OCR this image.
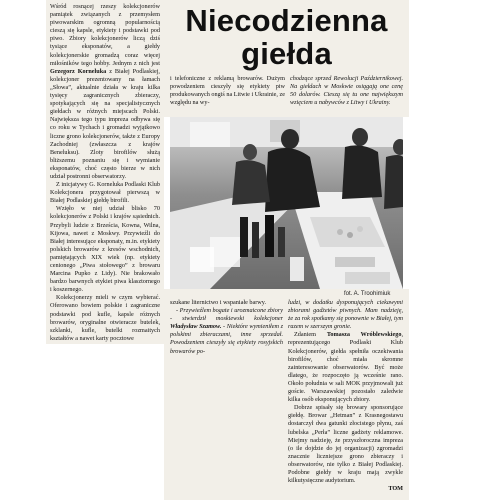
Wśród rosnącej rzeszy kolekcjonerów pamiątek związanych z przemysłem piwowarskim ogromną popularnością cieszą się kapsle, etykiety i podstawki pod piwo. Zbiory kolekcjonerów liczą dziś tysiące eksponatów, a giełdy kolekcjonerskie gromadzą coraz więcej miłośników tego hobby. Jednym z nich jest Grzegorz Korneluka z Białej Podlaskiej, kolekcjoner prezentowany na łamach „Słowa”, aktualnie działa w kraju kilka tysięcy zagranicznych zbieraczy, spotykających się na specjalistycznych giełdach w różnych miejscach Polski. Największa tego typu impreza odbywa się co roku w Tychach i gromadzi wyjątkowo liczne grono kolekcjonerów, także z Europy Zachodniej (zwłaszcza z krajów Beneluksu). Zloty birofilów służą bliższemu poznaniu się i wymianie eksponatów, choć często bierze w nich udział postronni obserwatorzy.

Z inicjatywy G. Korneluka Podlaski Klub Kolekcjonera przygotował pierwszą w Białej Podlaskiej giełdę birofili.

Wzięło w niej udział blisko 70 kolekcjonerów z Polski i krajów sąsiednich. Przybyli ludzie z Brześcia, Kowna, Wilna, Kijowa, nawet z Moskwy. Przywieźli do Białej interesujące eksponaty, m.in. etykiety polskich browarów z kresów wschodnich, pamiętających XIX wiek (np. etykiety cenionego „Piwa stołowego” z browaru Marcina Pupko z Lidy). Nie brakowało bardzo barwnych etykiet piwa klasztornego i koszernego.

Kolekcjonerzy mieli w czym wybierać. Oferowano bowiem polskie i zagraniczne podstawki pod kufle, kapsle różnych browarów, oryginalne otwieracze butelek, szklanki, kufle, butelki rozmaitych kształtów a nawet karty pocztowe

Niecodzienna
giełda

i telefoniczne z reklamą browarów. Dużym powodzeniem cieszyły się etykiety piw produkowanych ongiś na Litwie i Ukrainie, ze względu na wy-

chodzące sprzed Rewolucji Październikowej. Na giełdach w Moskwie osiągają one cenę 50 dolarów. Cieszą się tu one największym wzięciem u nabywców z Litwy i Ukrainy.

fot. A. Troohimiuk

szukane liternictwo i wspaniałe barwy.

- Przywieźlem bogate i urozmaicone zbiory - stwierdził moskiewski kolekcjoner Władysław Szamow. - Niektóre wymieniłem z polskimi zbieraczami, inne sprzedał. Powodzeniem cieszyły się etykiety rosyjskich browarów po-

ludzi, w dodatku dysponujących ciekawymi zbiorami gadżetów piwnych. Mam nadzieję, że za rok spotkamy się ponownie w Białej, tym razem w szerszym gronie.

Zdaniem Tomasza Wróblewskiego, reprezentującego Podlaski Klub Kolekcjonerów, giełda spełniła oczekiwania birofilów, choć miała skromne zainteresowanie obserwatorów. Być może dlatego, że rozpoczęto ją wcześnie rano. Około południa w sali MOK przyjmowali już goście. Warszawskiej pozostało zaledwie kilka osób eksponujących zbiory.

Dobrze spisały się browary sponsorujące giełdę. Browar „Hetman” z Krasnegostawu dostarczył dwa gatunki złocistego płynu, zaś lubelska „Perła” liczne gadżety reklamowe. Miejmy nadzieję, że przyszłoroczna impreza (o ile dojdzie do jej organizacji) zgromadzi znacznie liczniejsze grono zbieraczy i obserwatorów, nie tylko z Białej Podlaskiej. Podobne giełdy w kraju mają zwykle kilkutysięczne audytorium.

TOM
